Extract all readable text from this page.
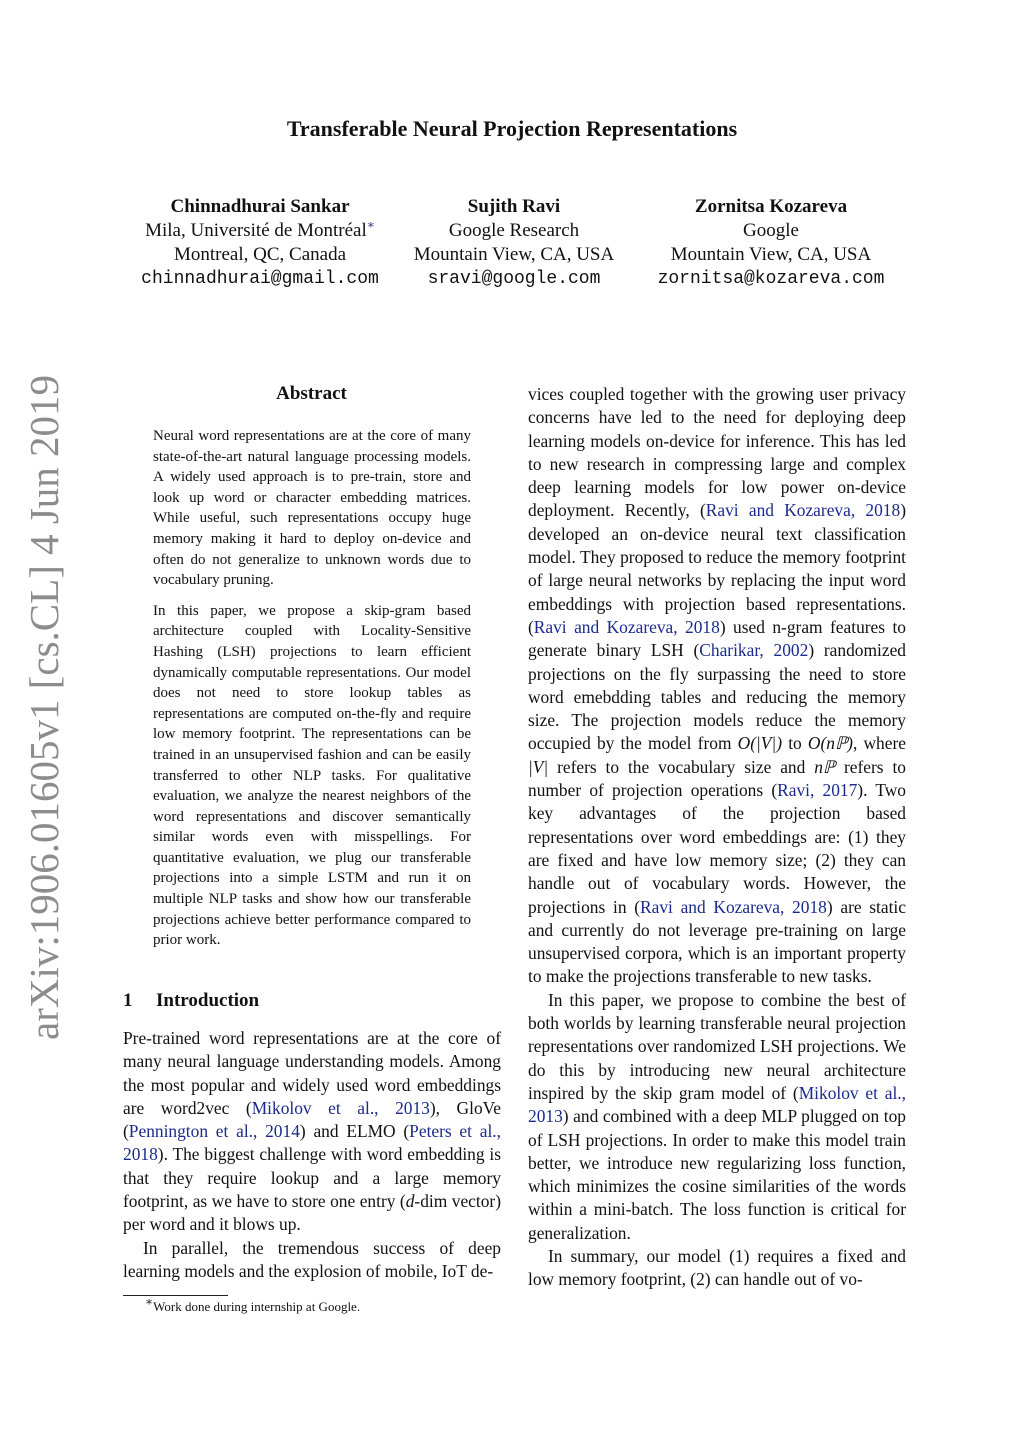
arXiv:1906.01605v1 [cs.CL] 4 Jun 2019
Transferable Neural Projection Representations
Chinnadhurai Sankar
Mila, Université de Montréal∗
Montreal, QC, Canada
chinnadhurai@gmail.com
Sujith Ravi
Google Research
Mountain View, CA, USA
sravi@google.com
Zornitsa Kozareva
Google
Mountain View, CA, USA
zornitsa@kozareva.com
Abstract

Neural word representations are at the core of many state-of-the-art natural language processing models. A widely used approach is to pre-train, store and look up word or character embedding matrices. While useful, such representations occupy huge memory making it hard to deploy on-device and often do not generalize to unknown words due to vocabulary pruning.

In this paper, we propose a skip-gram based architecture coupled with Locality-Sensitive Hashing (LSH) projections to learn efficient dynamically computable representations. Our model does not need to store lookup tables as representations are computed on-the-fly and require low memory footprint. The representations can be trained in an unsupervised fashion and can be easily transferred to other NLP tasks. For qualitative evaluation, we analyze the nearest neighbors of the word representations and discover semantically similar words even with misspellings. For quantitative evaluation, we plug our transferable projections into a simple LSTM and run it on multiple NLP tasks and show how our transferable projections achieve better performance compared to prior work.

1 Introduction

Pre-trained word representations are at the core of many neural language understanding models. Among the most popular and widely used word embeddings are word2vec (Mikolov et al., 2013), GloVe (Pennington et al., 2014) and ELMO (Peters et al., 2018). The biggest challenge with word embedding is that they require lookup and a large memory footprint, as we have to store one entry (d-dim vector) per word and it blows up.

In parallel, the tremendous success of deep learning models and the explosion of mobile, IoT de-

∗Work done during internship at Google.

vices coupled together with the growing user privacy concerns have led to the need for deploying deep learning models on-device for inference. This has led to new research in compressing large and complex deep learning models for low power on-device deployment. Recently, (Ravi and Kozareva, 2018) developed an on-device neural text classification model. They proposed to reduce the memory footprint of large neural networks by replacing the input word embeddings with projection based representations. (Ravi and Kozareva, 2018) used n-gram features to generate binary LSH (Charikar, 2002) randomized projections on the fly surpassing the need to store word emebdding tables and reducing the memory size. The projection models reduce the memory occupied by the model from O(|V|) to O(nℙ), where |V| refers to the vocabulary size and nℙ refers to number of projection operations (Ravi, 2017). Two key advantages of the projection based representations over word embeddings are: (1) they are fixed and have low memory size; (2) they can handle out of vocabulary words. However, the projections in (Ravi and Kozareva, 2018) are static and currently do not leverage pre-training on large unsupervised corpora, which is an important property to make the projections transferable to new tasks.

In this paper, we propose to combine the best of both worlds by learning transferable neural projection representations over randomized LSH projections. We do this by introducing new neural architecture inspired by the skip gram model of (Mikolov et al., 2013) and combined with a deep MLP plugged on top of LSH projections. In order to make this model train better, we introduce new regularizing loss function, which minimizes the cosine similarities of the words within a mini-batch. The loss function is critical for generalization.

In summary, our model (1) requires a fixed and low memory footprint, (2) can handle out of vo-
